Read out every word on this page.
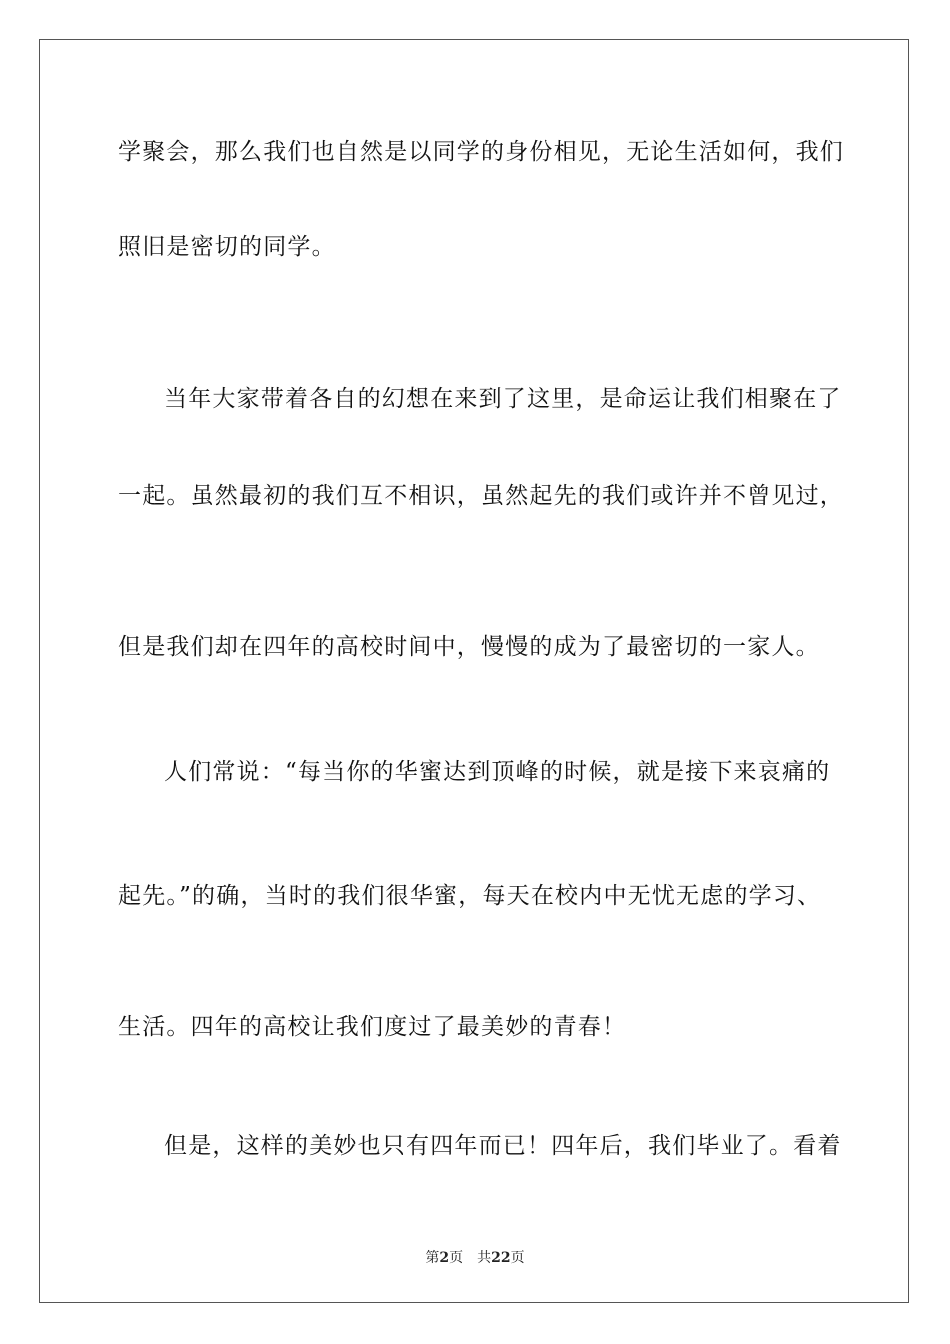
学聚会，那么我们也自然是以同学的身份相见，无论生活如何，我们
照旧是密切的同学。
当年大家带着各自的幻想在来到了这里，是命运让我们相聚在了
一起。虽然最初的我们互不相识，虽然起先的我们或许并不曾见过，
但是我们却在四年的高校时间中，慢慢的成为了最密切的一家人。
人们常说：“每当你的华蜜达到顶峰的时候，就是接下来哀痛的
起先。”的确，当时的我们很华蜜，每天在校内中无忧无虑的学习、
生活。四年的高校让我们度过了最美妙的青春！
但是，这样的美妙也只有四年而已！四年后，我们毕业了。看着
第2页 共22页
